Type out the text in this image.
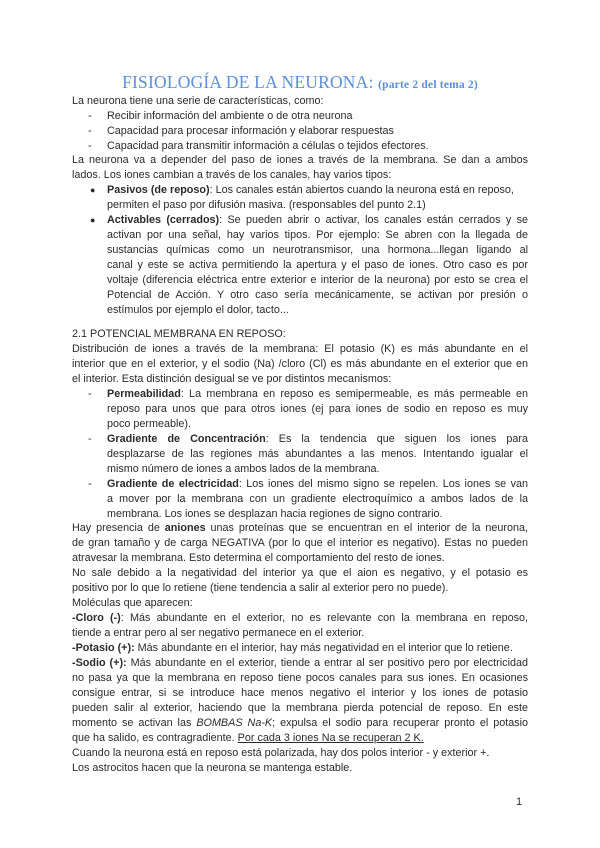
FISIOLOGÍA DE LA NEURONA: (parte 2 del tema 2)
La neurona tiene una serie de características, como:
- Recibir información del ambiente o de otra neurona
- Capacidad para procesar información y elaborar respuestas
- Capacidad para transmitir información a células o tejidos efectores.
La neurona va a depender del paso de iones a través de la membrana. Se dan a ambos
lados. Los iones cambian a través de los canales, hay varios tipos:
● Pasivos (de reposo): Los canales están abiertos cuando la neurona está en reposo,
permiten el paso por difusión masiva. (responsables del punto 2.1)
● Activables (cerrados): Se pueden abrir o activar, los canales están cerrados y se
activan por una señal, hay varios tipos. Por ejemplo: Se abren con la llegada de
sustancias químicas como un neurotransmisor, una hormona...llegan ligando al
canal y este se activa permitiendo la apertura y el paso de iones. Otro caso es por
voltaje (diferencia eléctrica entre exterior e interior de la neurona) por esto se crea el
Potencial de Acción. Y otro caso sería mecánicamente, se activan por presión o
estímulos por ejemplo el dolor, tacto...
2.1 POTENCIAL MEMBRANA EN REPOSO:
Distribución de iones a través de la membrana: El potasio (K) es más abundante en el
interior que en el exterior, y el sodio (Na) /cloro (Cl) es más abundante en el exterior que en
el interior. Esta distinción desigual se ve por distintos mecanismos:
- Permeabilidad: La membrana en reposo es semipermeable, es más permeable en
reposo para unos que para otros iones (ej para iones de sodio en reposo es muy
poco permeable).
- Gradiente de Concentración: Es la tendencia que siguen los iones para
desplazarse de las regiones más abundantes a las menos. Intentando igualar el
mismo número de iones a ambos lados de la membrana.
- Gradiente de electricidad: Los iones del mismo signo se repelen. Los iones se van
a mover por la membrana con un gradiente electroquímico a ambos lados de la
membrana. Los iones se desplazan hacia regiones de signo contrario.
Hay presencia de aniones unas proteínas que se encuentran en el interior de la neurona,
de gran tamaño y de carga NEGATIVA (por lo que el interior es negativo). Estas no pueden
atravesar la membrana. Esto determina el comportamiento del resto de iones.
No sale debido a la negatividad del interior ya que el aion es negativo, y el potasio es
positivo por lo que lo retiene (tiene tendencia a salir al exterior pero no puede).
Moléculas que aparecen:
-Cloro (-): Más abundante en el exterior, no es relevante con la membrana en reposo,
tiende a entrar pero al ser negativo permanece en el exterior.
-Potasio (+): Más abundante en el interior, hay más negatividad en el interior que lo retiene.
-Sodio (+): Más abundante en el exterior, tiende a entrar al ser positivo pero por electricidad
no pasa ya que la membrana en reposo tiene pocos canales para sus iones. En ocasiones
consigue entrar, si se introduce hace menos negativo el interior y los iones de potasio
pueden salir al exterior, haciendo que la membrana pierda potencial de reposo. En este
momento se activan las BOMBAS Na-K; expulsa el sodio para recuperar pronto el potasio
que ha salido, es contragradiente. Por cada 3 iones Na se recuperan 2 K.
Cuando la neurona está en reposo está polarizada, hay dos polos interior - y exterior +.
Los astrocitos hacen que la neurona se mantenga estable.
1
